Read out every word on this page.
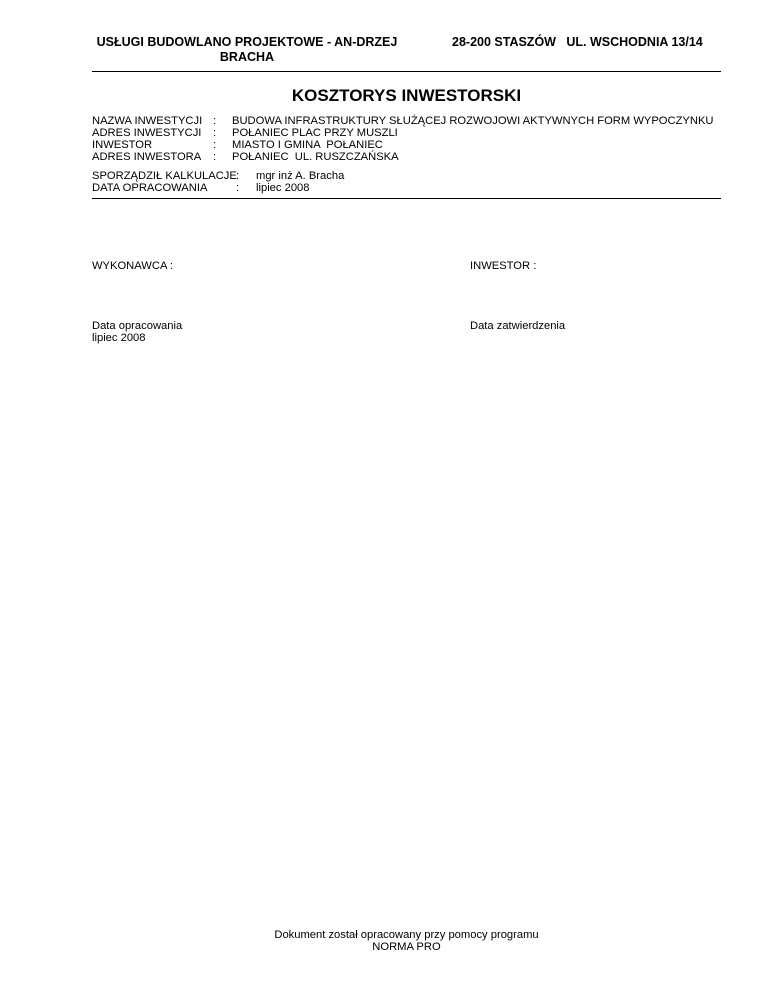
USŁUGI BUDOWLANO PROJEKTOWE - AN-DRZEJ BRACHA
28-200 STASZÓW   UL. WSCHODNIA 13/14
KOSZTORYS INWESTORSKI
NAZWA INWESTYCJI : BUDOWA INFRASTRUKTURY SŁUŻĄCEJ ROZWOJOWI AKTYWNYCH FORM WYPOCZYNKU
ADRES INWESTYCJI : POŁANIEC PLAC PRZY MUSZLI
INWESTOR	: MIASTO I GMINA  POŁANIEC
ADRES INWESTORA : POŁANIEC  UL. RUSZCZAŃSKA
SPORZĄDZIŁ KALKULACJE : mgr inż A. Bracha
DATA OPRACOWANIA	: lipiec 2008
WYKONAWCA :	INWESTOR :
Data opracowania
lipiec 2008
Data zatwierdzenia
Dokument został opracowany przy pomocy programu
NORMA PRO
